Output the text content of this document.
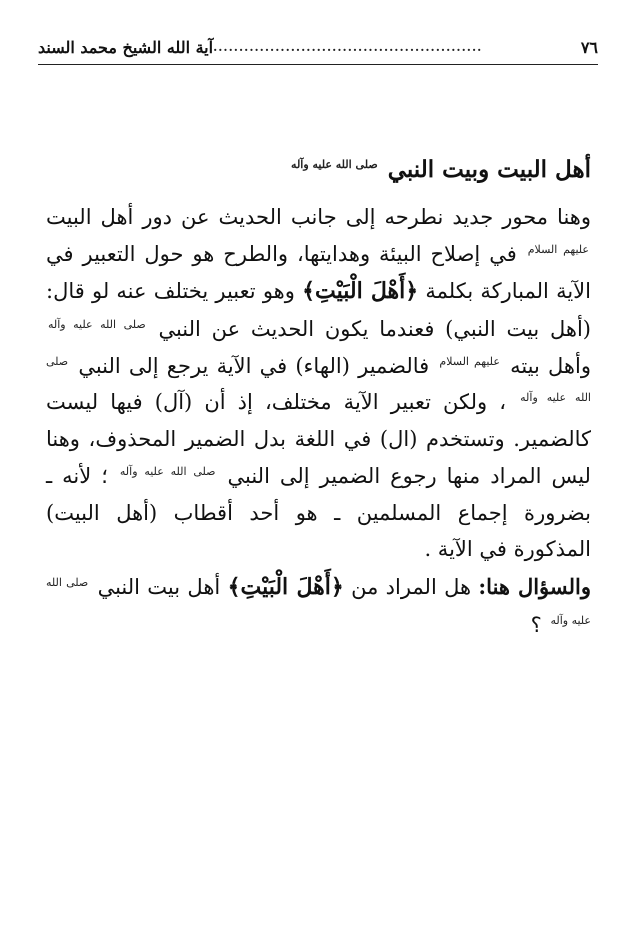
٧٦
....................................................
آية الله الشيخ محمد السند
أهل البيت وبيت النبي $^{صلى الله عليه وآله}$

وهنا محور جديد نطرحه إلى جانب الحديث عن دور أهل البيت $^{عليهم السلام}$ في إصلاح البيئة وهدايتها، والطرح هو حول التعبير في الآية المباركة بكلمة ﴿أَهْلَ الْبَيْتِ﴾ وهو تعبير يختلف عنه لو قال: (أهل بيت النبي) فعندما يكون الحديث عن النبي $^{صلى الله عليه وآله}$ وأهل بيته $^{عليهم السلام}$ فالضمير (الهاء) في الآية يرجع إلى النبي $^{صلى الله عليه وآله}$ ، ولكن تعبير الآية مختلف، إذ أن (آل) فيها ليست كالضمير. وتستخدم (ال) في اللغة بدل الضمير المحذوف، وهنا ليس المراد منها رجوع الضمير إلى النبي $^{صلى الله عليه وآله}$ ؛ لأنه ـ بضرورة إجماع المسلمين ـ هو أحد أقطاب (أهل البيت) المذكورة في الآية .

والسؤال هنا: هل المراد من ﴿أَهْلَ الْبَيْتِ﴾ أهل بيت النبي $^{صلى الله عليه وآله}$ ؟
